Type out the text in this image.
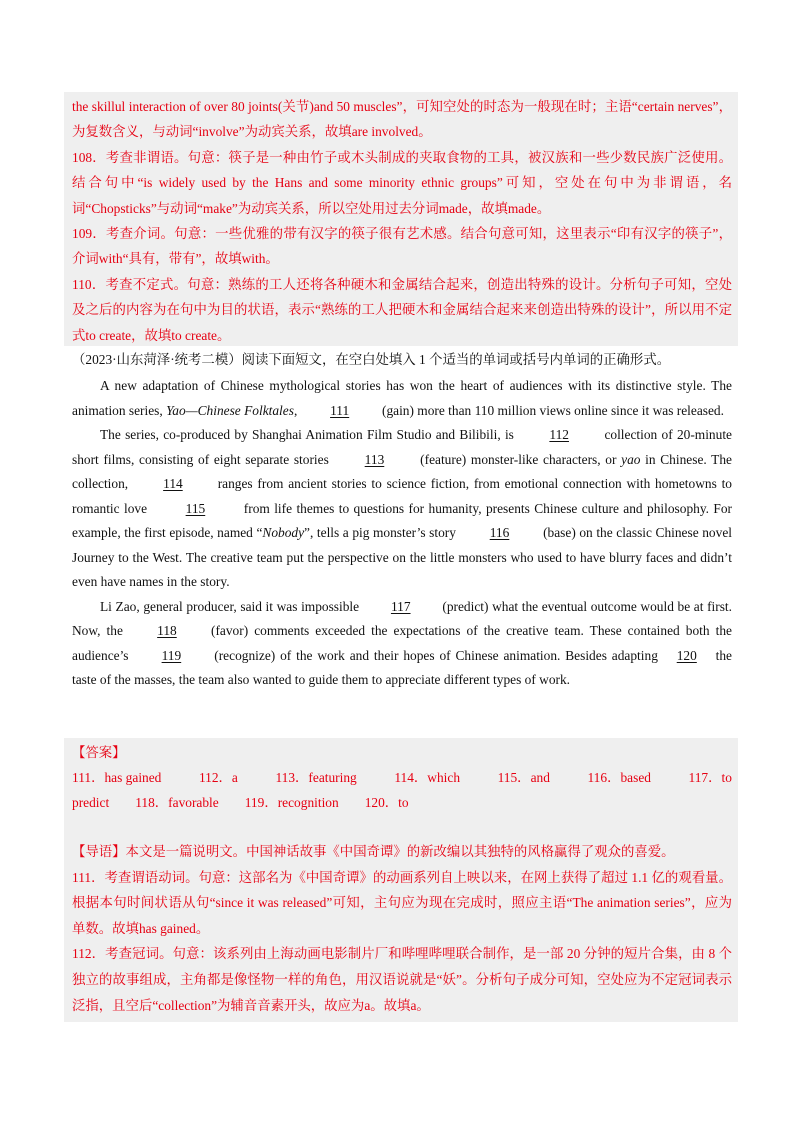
the skillul interaction of over 80 joints(关节)and 50 muscles”，可知空处的时态为一般现在时；主语“certain nerves”，为复数含义，与动词“involve”为动宾关系，故填are involved。

108．考查非谓语。句意：筷子是一种由竹子或木头制成的夹取食物的工具，被汉族和一些少数民族广泛使用。结合句中“is widely used by the Hans and some minority ethnic groups”可知，空处在句中为非谓语，名词“Chopsticks”与动词“make”为动宾关系，所以空处用过去分词made，故填made。

109．考查介词。句意：一些优雅的带有汉字的筷子很有艺术感。结合句意可知，这里表示“印有汉字的筷子”，介词with“具有，带有”，故填with。

110．考查不定式。句意：熟练的工人还将各种硬木和金属结合起来，创造出特殊的设计。分析句子可知，空处及之后的内容为在句中为目的状语，表示“熟练的工人把硬木和金属结合起来来创造出特殊的设计”，所以用不定式to create，故填to create。

（2023·山东菏泽·统考二模）阅读下面短文，在空白处填入 1 个适当的单词或括号内单词的正确形式。

A new adaptation of Chinese mythological stories has won the heart of audiences with its distinctive style. The animation series, Yao—Chinese Folktales, 111 (gain) more than 110 million views online since it was released.

The series, co-produced by Shanghai Animation Film Studio and Bilibili, is 112 collection of 20-minute short films, consisting of eight separate stories 113 (feature) monster-like characters, or yao in Chinese. The collection, 114 ranges from ancient stories to science fiction, from emotional connection with hometowns to romantic love	115	from life themes to questions for humanity, presents Chinese culture and philosophy. For example, the first episode, named “Nobody”, tells a pig monster’s story 116 (base) on the classic Chinese novel Journey to the West. The creative team put the perspective on the little monsters who used to have blurry faces and didn’t even have names in the story.

Li Zao, general producer, said it was impossible 117 (predict) what the eventual outcome would be at first. Now, the 118 (favor) comments exceeded the expectations of the creative team. These contained both the audience’s 119 (recognize) of the work and their hopes of Chinese animation. Besides adapting 120 the taste of the masses, the team also wanted to guide them to appreciate different types of work.

【答案】
111．has gained	112．a	113．featuring	114．which	115．and	116．based	117．to
predict 118．favorable 119．recognition 120．to

【导语】本文是一篇说明文。中国神话故事《中国奇谭》的新改编以其独特的风格赢得了观众的喜爱。

111．考查谓语动词。句意：这部名为《中国奇谭》的动画系列自上映以来，在网上获得了超过 1.1 亿的观看量。根据本句时间状语从句“since it was released”可知，主句应为现在完成时，照应主语“The animation series”，应为单数。故填has gained。

112．考查冠词。句意：该系列由上海动画电影制片厂和哔哩哔哩联合制作，是一部 20 分钟的短片合集，由 8 个独立的故事组成，主角都是像怪物一样的角色，用汉语说就是“妖”。分析句子成分可知，空处应为不定冠词表示泛指，且空后“collection”为辅音音素开头，故应为a。故填a。
